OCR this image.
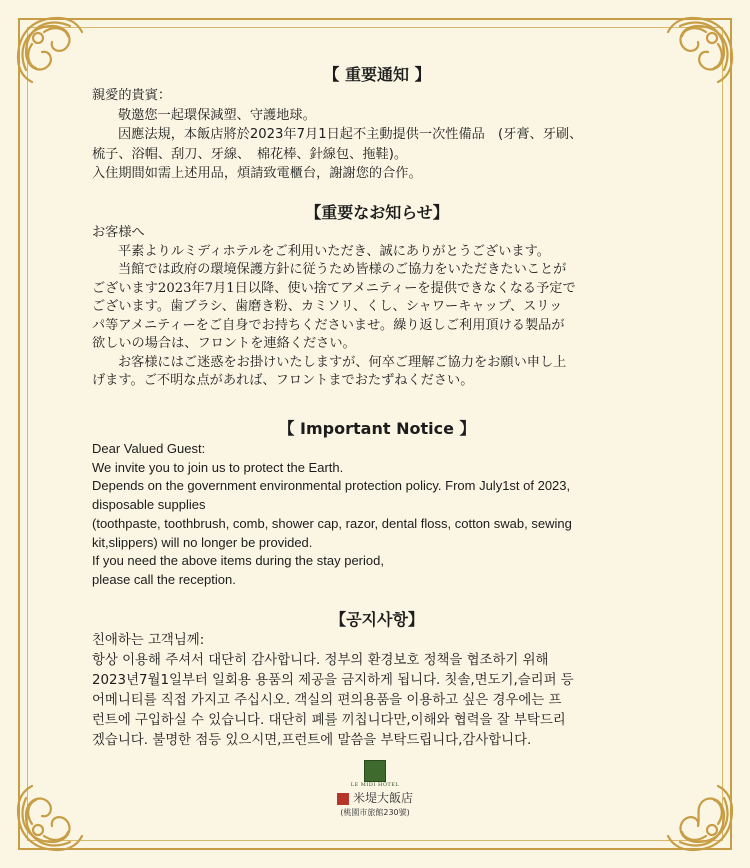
【 重要通知 】
親愛的貴賓：
敬邀您一起環保減塑、守護地球。
因應法規，本飯店將於2023年7月1日起不主動提供一次性備品　(牙膏、牙刷、
梳子、浴帽、刮刀、牙線、　棉花棒、針線包、拖鞋)。
入住期間如需上述用品，煩請致電櫃台，謝謝您的合作。
【重要なお知らせ】
お客様へ
平素よりルミディホテルをご利用いただき、誠にありがとうございます。
当館では政府の環境保護方針に従うため皆様のご協力をいただきたいことが
ございます2023年7月1日以降、使い捨てアメニティーを提供できなくなる予定で
ございます。歯ブラシ、歯磨き粉、カミソリ、くし、シャワーキャップ、スリッ
パ等アメニティーをご自身でお持ちくださいませ。繰り返しご利用頂ける製品が
欲しいの場合は、フロントを連絡ください。
お客様にはご迷惑をお掛けいたしますが、何卒ご理解ご協力をお願い申し上
げます。ご不明な点があれば、フロントまでおたずねください。
【 Important Notice 】
Dear Valued Guest:
We invite you to join us to protect the Earth.
Depends on the government environmental protection policy. From July1st of 2023,
disposable supplies
(toothpaste, toothbrush, comb, shower cap, razor, dental floss, cotton swab, sewing
kit,slippers) will no longer be provided.
If you need the above items during the stay period,
please call the reception.
【공지사항】
친애하는 고객님께:
항상 이용해 주셔서 대단히 감사합니다. 정부의 환경보호 정책을 협조하기 위해
2023년7월1일부터 일회용 용품의 제공을 금지하게 됩니다. 칫솔,면도기,슬리퍼 등
어메니티를 직접 가지고 주십시오. 객실의 편의용품을 이용하고 싶은 경우에는 프
런트에 구입하실 수 있습니다. 대단히 폐를 끼칩니다만,이해와 협력을 잘 부탁드리
겠습니다. 불명한 점등 있으시면,프런트에 말씀을 부탁드립니다,감사합니다.
LE MIDI HOTEL
米堤大飯店
(桃園市旅館230號)
